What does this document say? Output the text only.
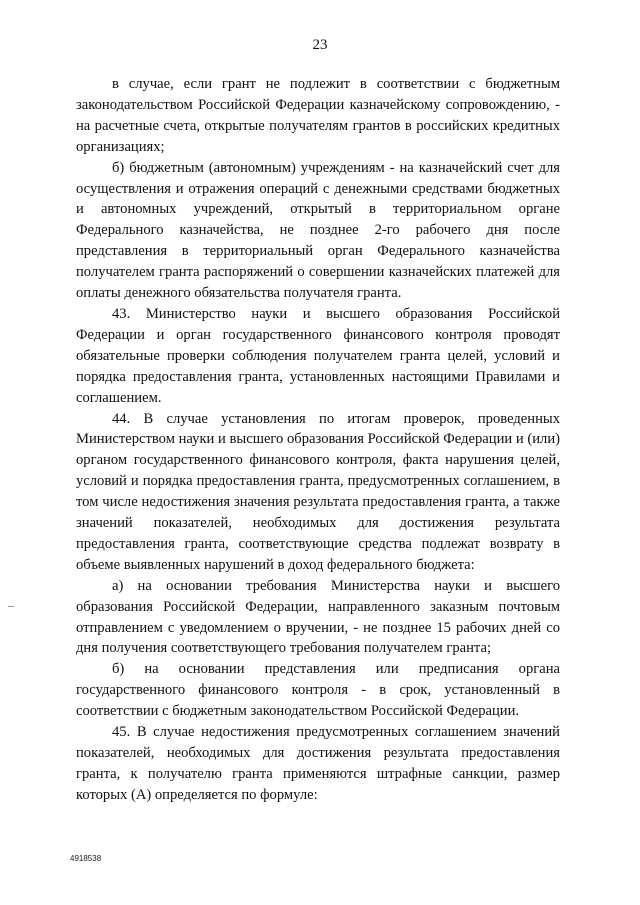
23

в случае, если грант не подлежит в соответствии с бюджетным законодательством Российской Федерации казначейскому сопровождению, - на расчетные счета, открытые получателям грантов в российских кредитных организациях;

б) бюджетным (автономным) учреждениям - на казначейский счет для осуществления и отражения операций с денежными средствами бюджетных и автономных учреждений, открытый в территориальном органе Федерального казначейства, не позднее 2-го рабочего дня после представления в территориальный орган Федерального казначейства получателем гранта распоряжений о совершении казначейских платежей для оплаты денежного обязательства получателя гранта.

43. Министерство науки и высшего образования Российской Федерации и орган государственного финансового контроля проводят обязательные проверки соблюдения получателем гранта целей, условий и порядка предоставления гранта, установленных настоящими Правилами и соглашением.

44. В случае установления по итогам проверок, проведенных Министерством науки и высшего образования Российской Федерации и (или) органом государственного финансового контроля, факта нарушения целей, условий и порядка предоставления гранта, предусмотренных соглашением, в том числе недостижения значения результата предоставления гранта, а также значений показателей, необходимых для достижения результата предоставления гранта, соответствующие средства подлежат возврату в объеме выявленных нарушений в доход федерального бюджета:

а) на основании требования Министерства науки и высшего образования Российской Федерации, направленного заказным почтовым отправлением с уведомлением о вручении, - не позднее 15 рабочих дней со дня получения соответствующего требования получателем гранта;

б) на основании представления или предписания органа государственного финансового контроля - в срок, установленный в соответствии с бюджетным законодательством Российской Федерации.

45. В случае недостижения предусмотренных соглашением значений показателей, необходимых для достижения результата предоставления гранта, к получателю гранта применяются штрафные санкции, размер которых (А) определяется по формуле:

4918538
